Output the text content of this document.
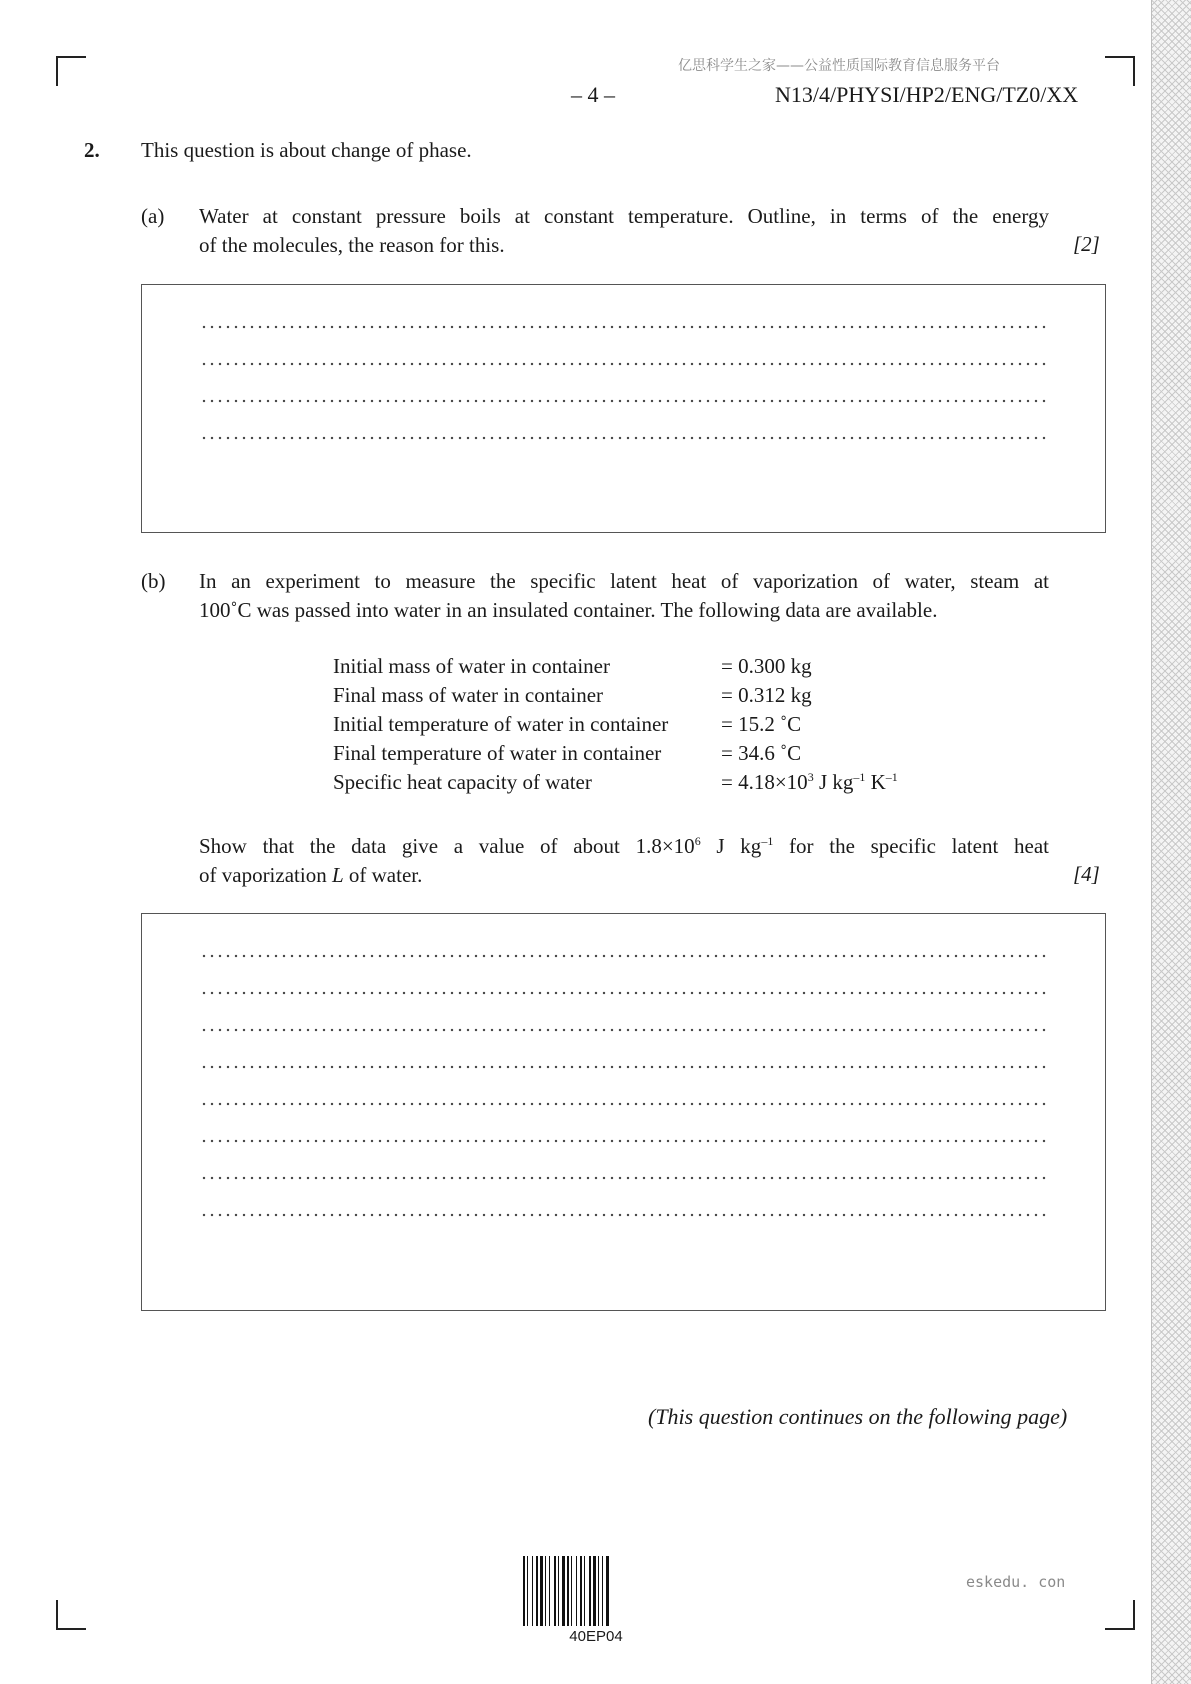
亿思科学生之家——公益性质国际教育信息服务平台
– 4 –	N13/4/PHYSI/HP2/ENG/TZ0/XX
2. This question is about change of phase.
(a) Water at constant pressure boils at constant temperature. Outline, in terms of the energy
of the molecules, the reason for this.	[2]
(b) In an experiment to measure the specific latent heat of vaporization of water, steam at
100˚C was passed into water in an insulated container. The following data are available.
Initial mass of water in container	= 0.300 kg
Final mass of water in container	= 0.312 kg
Initial temperature of water in container	= 15.2 ˚C
Final temperature of water in container	= 34.6 ˚C
Specific heat capacity of water	= $4.18\times 10^3$ J $kg^{-1}$ $K^{-1}$
Show that the data give a value of about $1.8\times 10^6$ J $kg^{-1}$ for the specific latent heat
of vaporization L of water.	[4]
(This question continues on the following page)
40EP04
eskedu. con
